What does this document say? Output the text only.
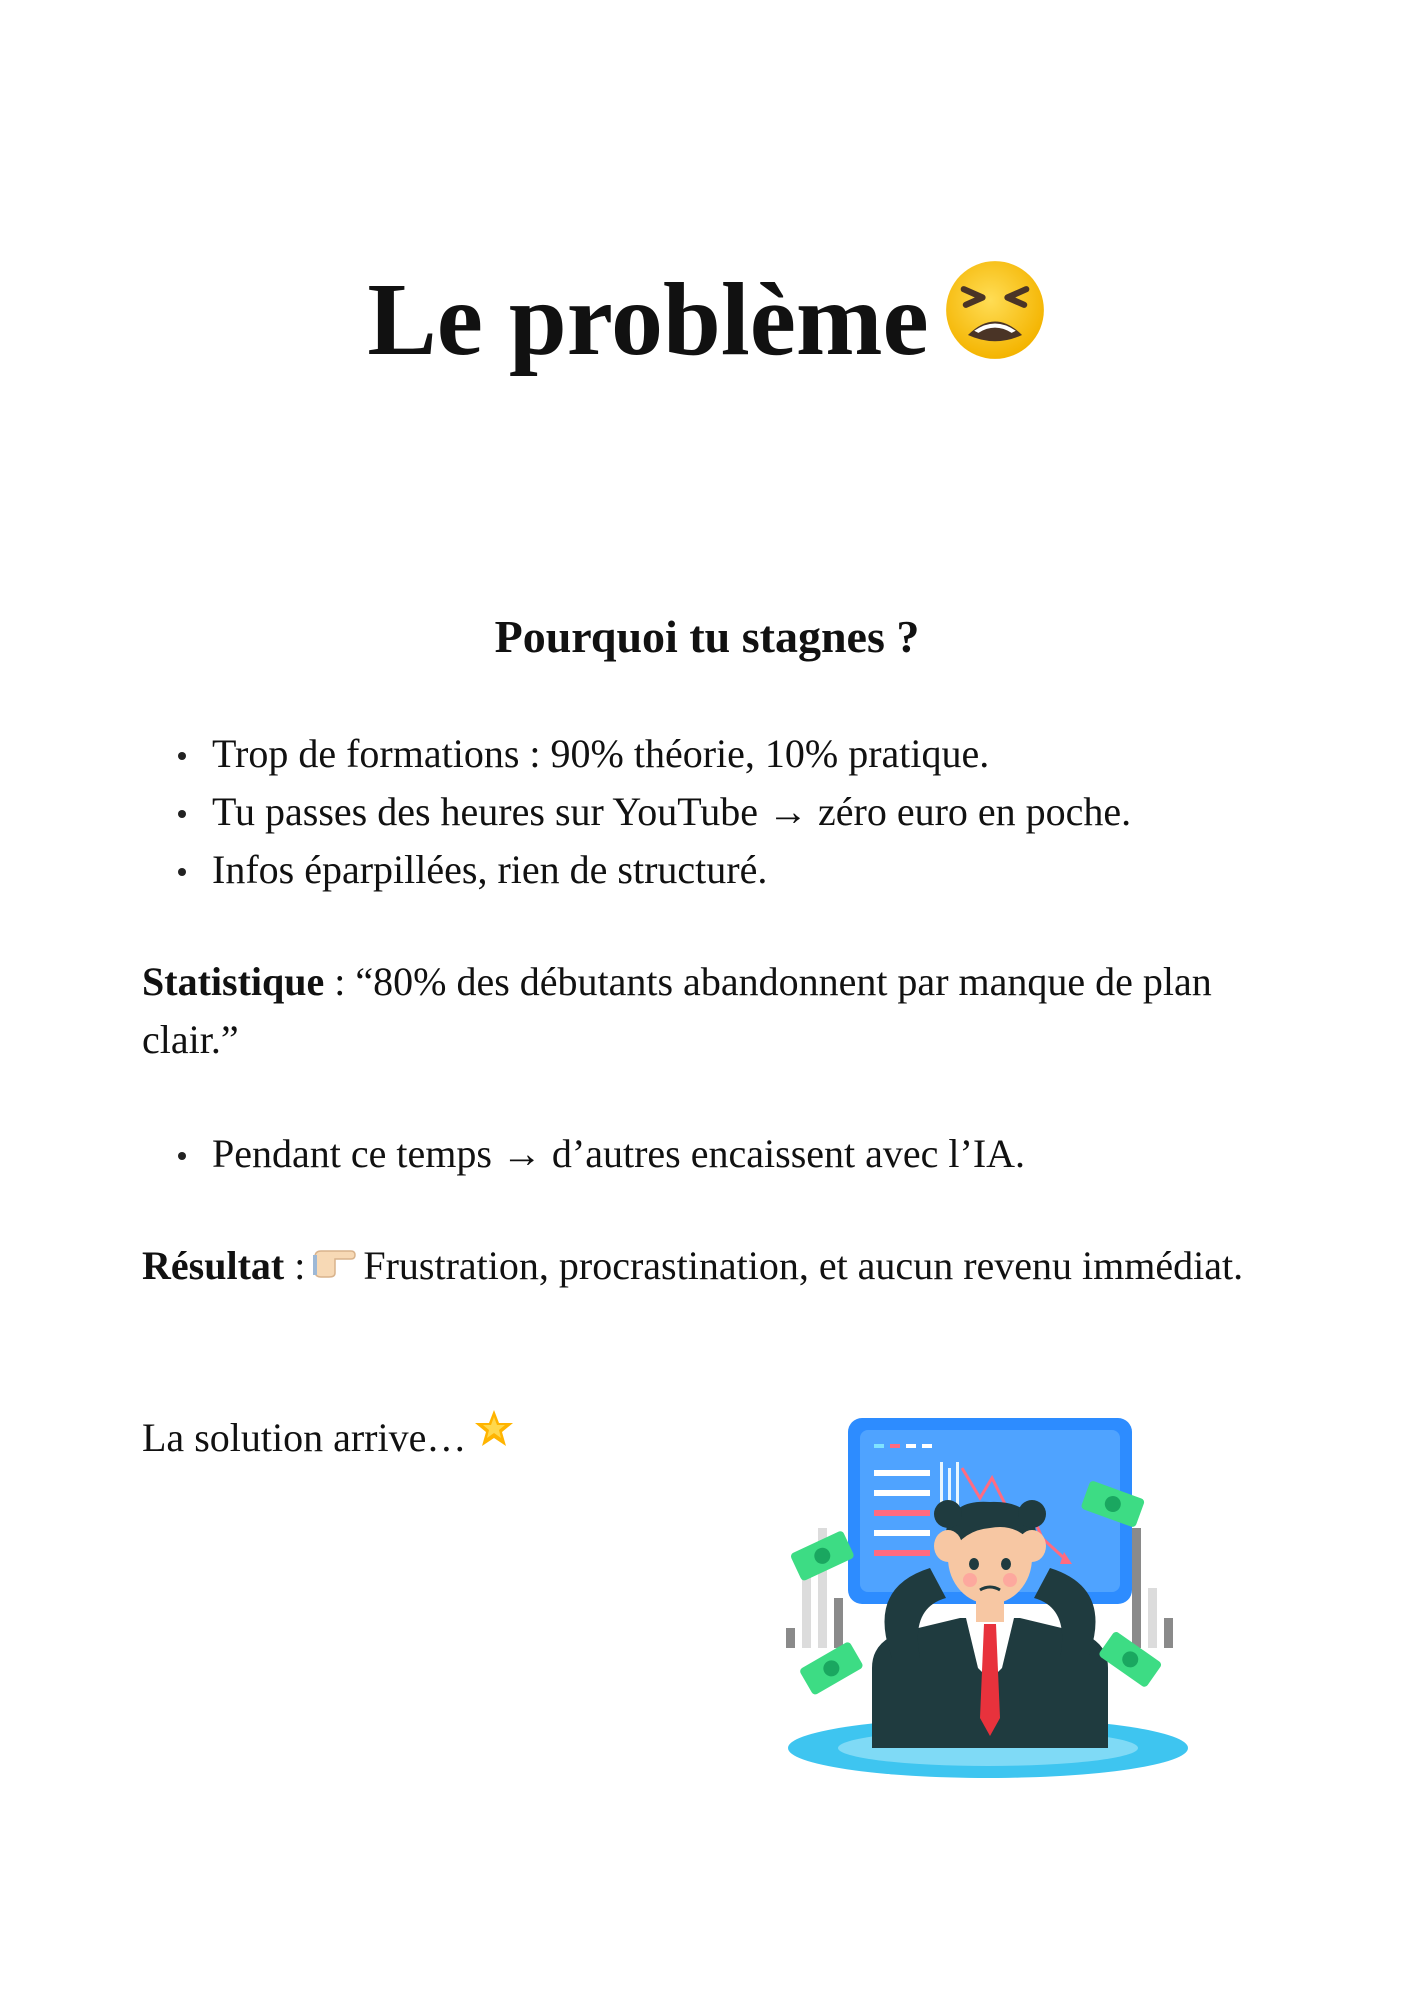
Le problème
Pourquoi tu stagnes ?
Trop de formations : 90% théorie, 10% pratique.
Tu passes des heures sur YouTube → zéro euro en poche.
Infos éparpillées, rien de structuré.
Statistique : “80% des débutants abandonnent par manque de plan clair.”
Pendant ce temps → d’autres encaissent avec l’IA.
Résultat : Frustration, procrastination, et aucun revenu immédiat.
La solution arrive…
